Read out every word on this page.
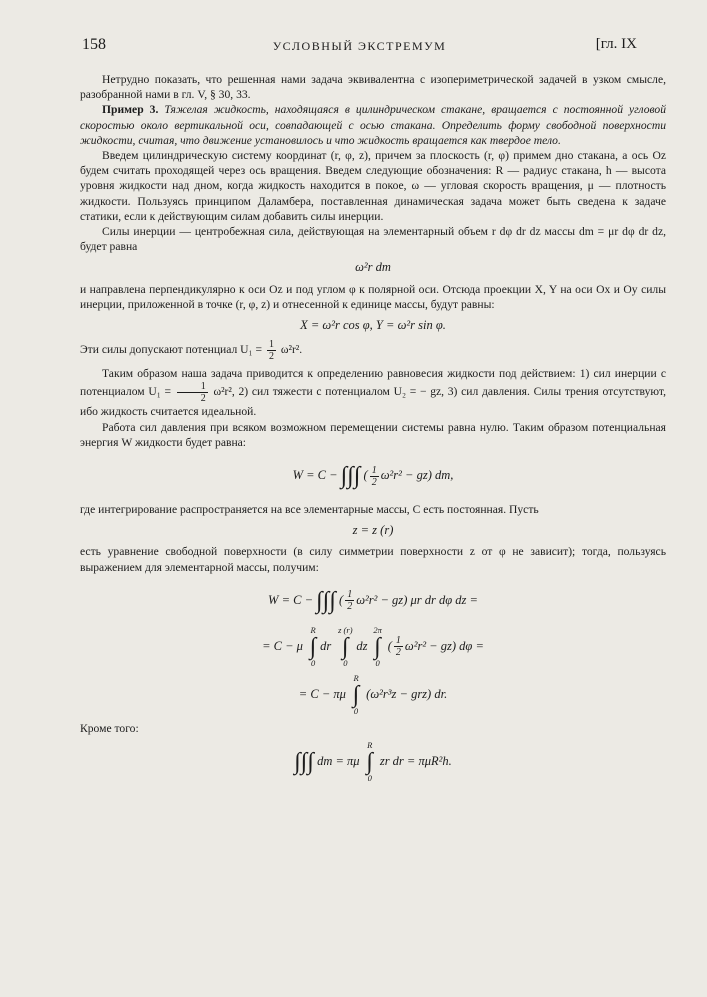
158	УСЛОВНЫЙ ЭКСТРЕМУМ	[гл. IX

Нетрудно показать, что решенная нами задача эквивалентна с изопериметрической задачей в узком смысле, разобранной нами в гл. V, § 30, 33.

Пример 3. Тяжелая жидкость, находящаяся в цилиндрическом стакане, вращается с постоянной угловой скоростью около вертикальной оси, совпадающей с осью стакана. Определить форму свободной поверхности жидкости, считая, что движение установилось и что жидкость вращается как твердое тело.

Введем цилиндрическую систему координат (r, φ, z), причем за плоскость (r, φ) примем дно стакана, а ось Oz будем считать проходящей через ось вращения. Введем следующие обозначения: R — радиус стакана, h — высота уровня жидкости над дном, когда жидкость находится в покое, ω — угловая скорость вращения, μ — плотность жидкости. Пользуясь принципом Даламбера, поставленная динамическая задача может быть сведена к задаче статики, если к действующим силам добавить силы инерции.

Силы инерции — центробежная сила, действующая на элементарный объем r dφ dr dz массы dm = μr dφ dr dz, будет равна

ω²r dm

и направлена перпендикулярно к оси Oz и под углом φ к полярной оси. Отсюда проекции X, Y на оси Ox и Oy силы инерции, приложенной в точке (r, φ, z) и отнесенной к единице массы, будут равны:

X = ω²r cos φ, Y = ω²r sin φ.

Эти силы допускают потенциал $U_1 = \frac{1}{2} \omega^2r^2$.

Таким образом наша задача приводится к определению равновесия жидкости под действием: 1) сил инерции с потенциалом $U_1 = \frac{1}{2} \omega^2r^2$, 2) сил тяжести с потенциалом U₂ = − gz, 3) сил давления. Силы трения отсутствуют, ибо жидкость считается идеальной.

Работа сил давления при всяком возможном перемещении системы равна нулю. Таким образом потенциальная энергия W жидкости будет равна:

W = C − ∫∫∫ ( $\frac{1}{2} \omega^2r^2 - gz$) dm,

где интегрирование распространяется на все элементарные массы, C есть постоянная. Пусть

z = z (r)

есть уравнение свободной поверхности (в силу симметрии поверхности z от φ не зависит); тогда, пользуясь выражением для элементарной массы, получим:

W = C − ∫∫∫ ( $\frac{1}{2} \omega^2r^2 - gz$) μr dr dφ dz =
= C − μ
R
∫
0
dr
z (r)
∫
0
dz
2π
∫
0
( $\frac{1}{2} \omega^2r^2 - gz$) dφ =
= C − πμ
R
∫
0
(ω²r³z − grz) dr.

Кроме того:

∫∫∫ dm = πμ
R
∫
0
zr dr = πμR²h.
